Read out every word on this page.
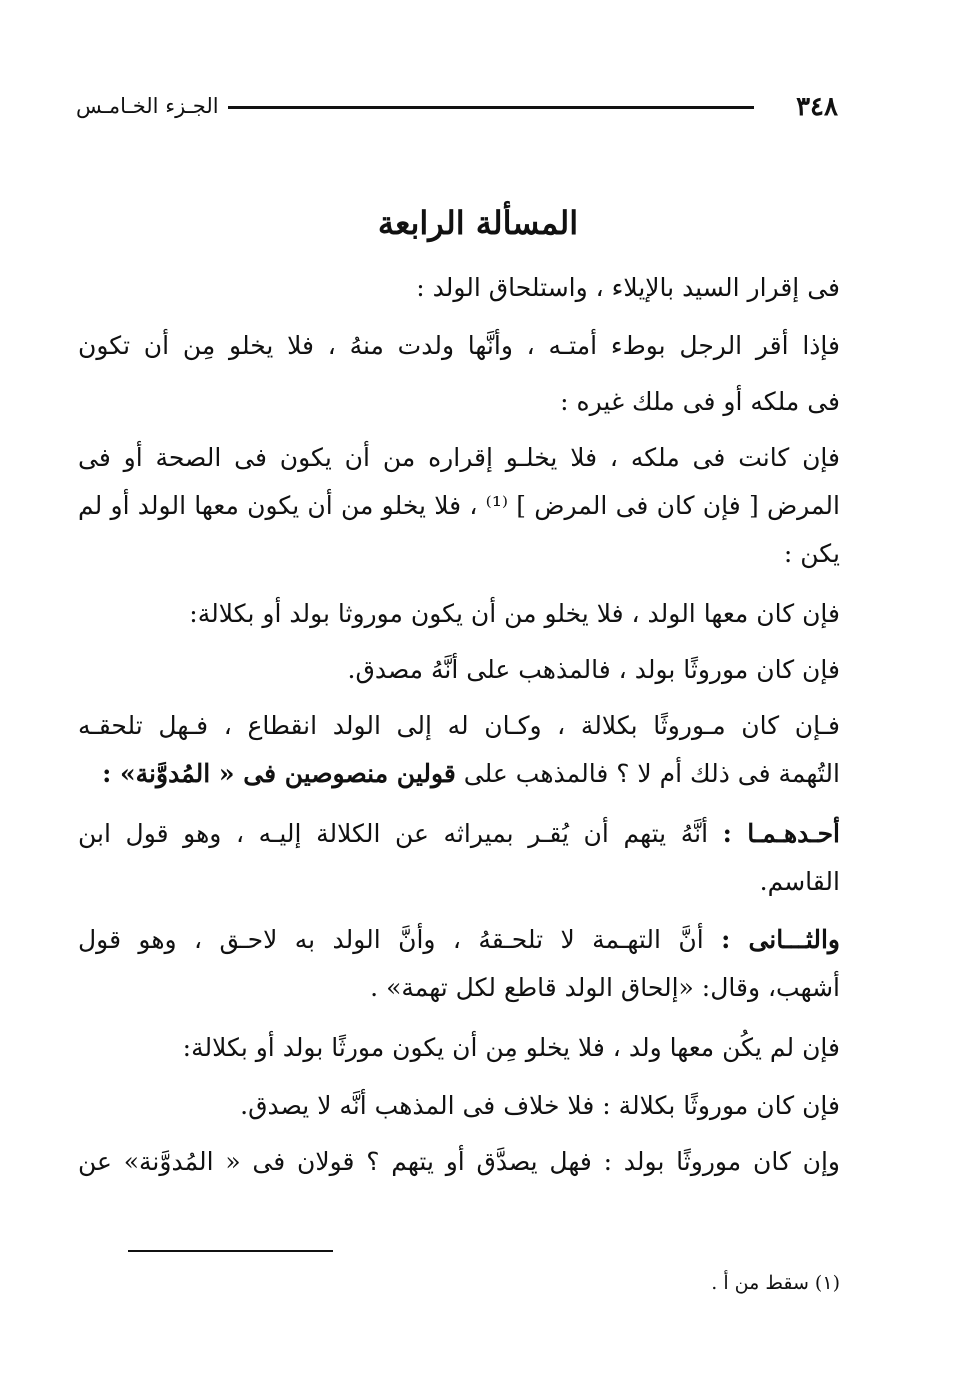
٣٤٨
الجـزء الخـامـس
المسألة الرابعة
فى إقرار السيد بالإيلاء ، واستلحاق الولد :
فإذا أقر الرجل بوطء أمتـه ، وأنَّها ولدت منهُ ، فلا يخلو مِن أن تكون
فى ملكه أو فى ملك غيره :
فإن كانت فى ملكه ، فلا يخلـو إقراره من أن يكون فى الصحة أو فى
المرض [ فإن كان فى المرض ] ⁽¹⁾ ، فلا يخلو من أن يكون معها الولد أو لم
يكن :
فإن كان معها الولد ، فلا يخلو من أن يكون موروثا بولد أو بكلالة:
فإن كان موروثًا بولد ، فالمذهب على أنَّهُ مصدق.
فـإن كان مـوروثًا بكلالة ، وكـان له إلى الولد انقطاع ، فـهل تلحقـه
التُهمة فى ذلك أم لا ؟ فالمذهب على قولين منصوصين فى « المُدوَّنة» :
أحـدهـمـا : أنَّهُ يتهم أن يُقـر بميراثه عن الكلالة إليـه ، وهو قول ابن
القاسم.
والثـــانى : أنَّ التهـمة لا تلحـقهُ ، وأنَّ الولد به لاحـق ، وهو قول
أشهب، وقال: «إلحاق الولد قاطع لكل تهمة» .
فإن لم يكُن معها ولد ، فلا يخلو مِن أن يكون مورثًا بولد أو بكلالة:
فإن كان موروثًا بكلالة : فلا خلاف فى المذهب أنَّه لا يصدق.
وإن كان موروثًا بولد : فهل يصدَّق أو يتهم ؟ قولان فى « المُدوَّنة» عن
(١) سقط من أ .
